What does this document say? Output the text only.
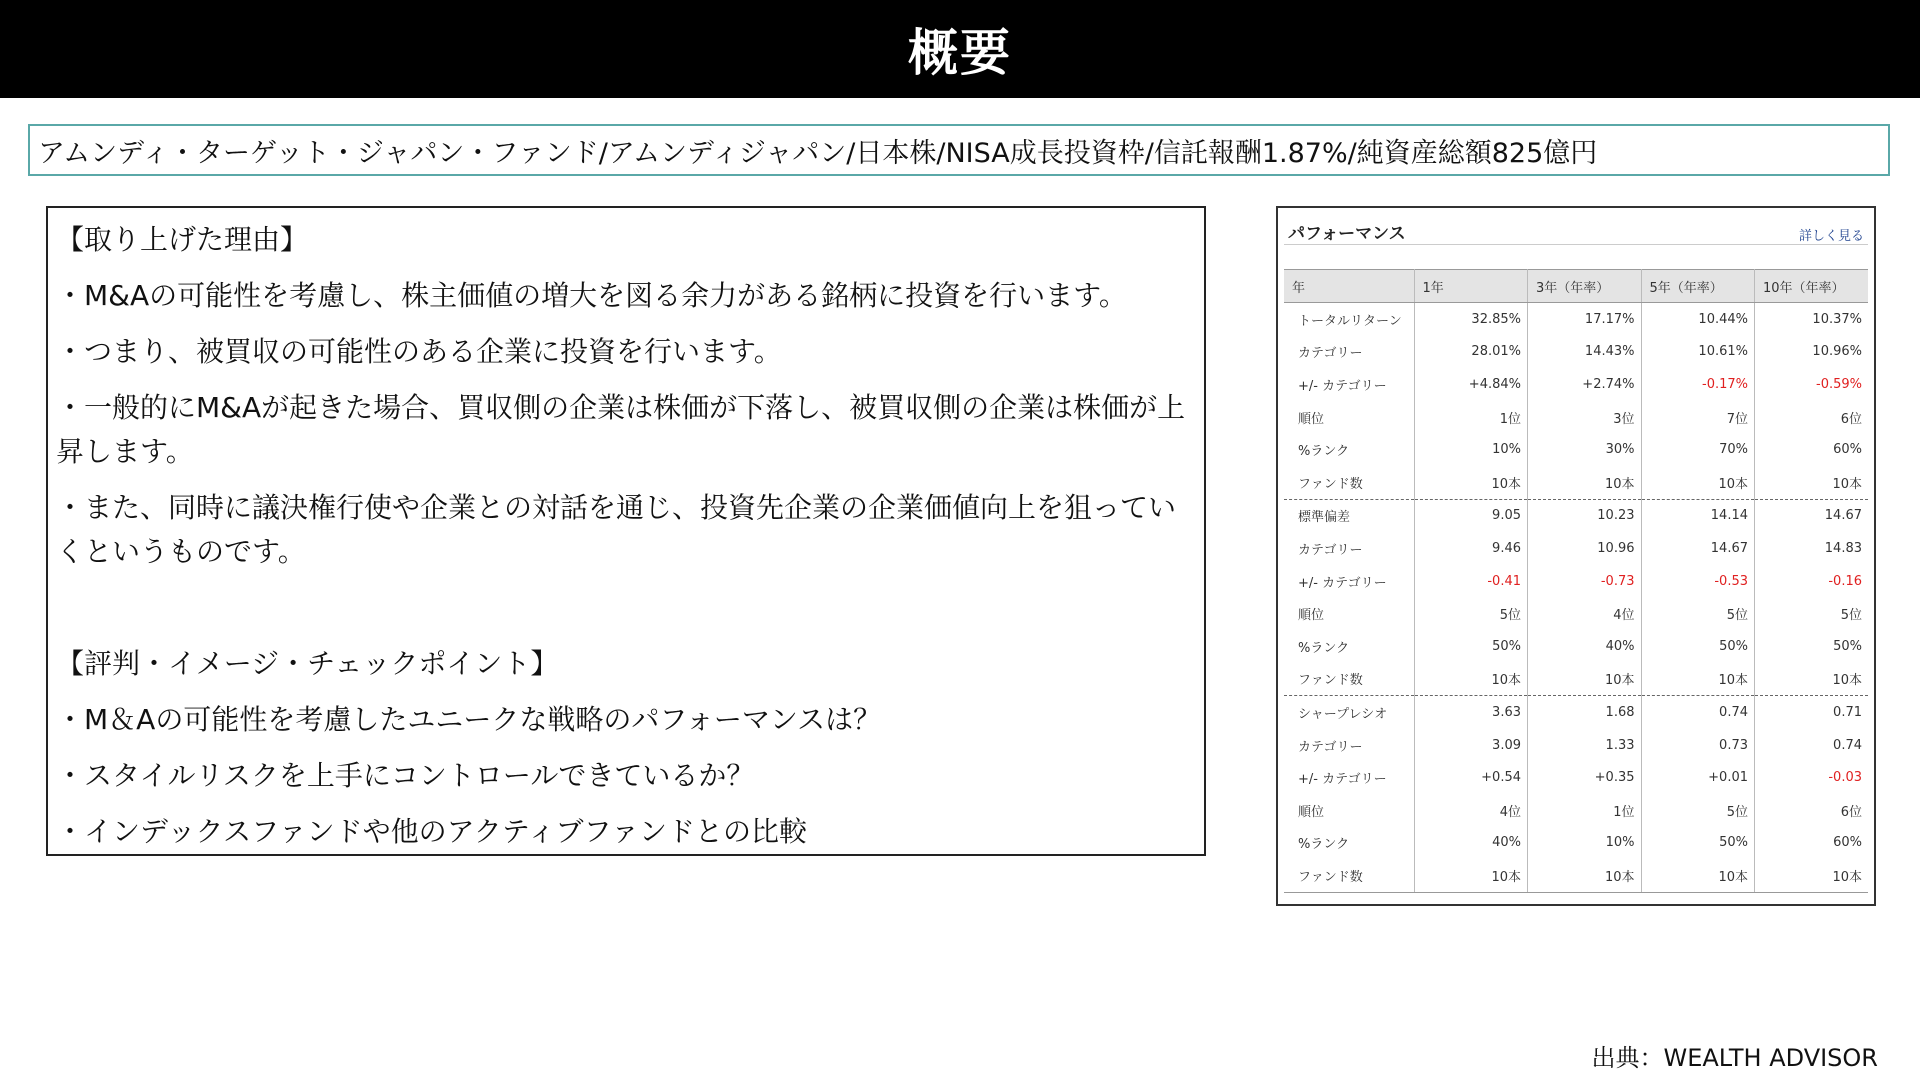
概要
アムンディ・ターゲット・ジャパン・ファンド/アムンディジャパン/日本株/NISA成長投資枠/信託報酬1.87%/純資産総額825億円

【取り上げた理由】

・M&Aの可能性を考慮し、株主価値の増大を図る余力がある銘柄に投資を行います。

・つまり、被買収の可能性のある企業に投資を行います。

・一般的にM&Aが起きた場合、買収側の企業は株価が下落し、被買収側の企業は株価が上昇します。

・また、同時に議決権行使や企業との対話を通じ、投資先企業の企業価値向上を狙っていくというものです。

【評判・イメージ・チェックポイント】

・M＆Aの可能性を考慮したユニークな戦略のパフォーマンスは？

・スタイルリスクを上手にコントロールできているか？

・インデックスファンドや他のアクティブファンドとの比較

パフォーマンス	詳しく見る
年	1年	3年（年率）	5年（年率）	10年（年率）
トータルリターン	32.85%	17.17%	10.44%	10.37%
カテゴリー	28.01%	14.43%	10.61%	10.96%
+/- カテゴリー	+4.84%	+2.74%	-0.17%	-0.59%
順位	1位	3位	7位	6位
%ランク	10%	30%	70%	60%
ファンド数	10本	10本	10本	10本
標準偏差	9.05	10.23	14.14	14.67
カテゴリー	9.46	10.96	14.67	14.83
+/- カテゴリー	-0.41	-0.73	-0.53	-0.16
順位	5位	4位	5位	5位
%ランク	50%	40%	50%	50%
ファンド数	10本	10本	10本	10本
シャープレシオ	3.63	1.68	0.74	0.71
カテゴリー	3.09	1.33	0.73	0.74
+/- カテゴリー	+0.54	+0.35	+0.01	-0.03
順位	4位	1位	5位	6位
%ランク	40%	10%	50%	60%
ファンド数	10本	10本	10本	10本
出典：WEALTH ADVISOR
